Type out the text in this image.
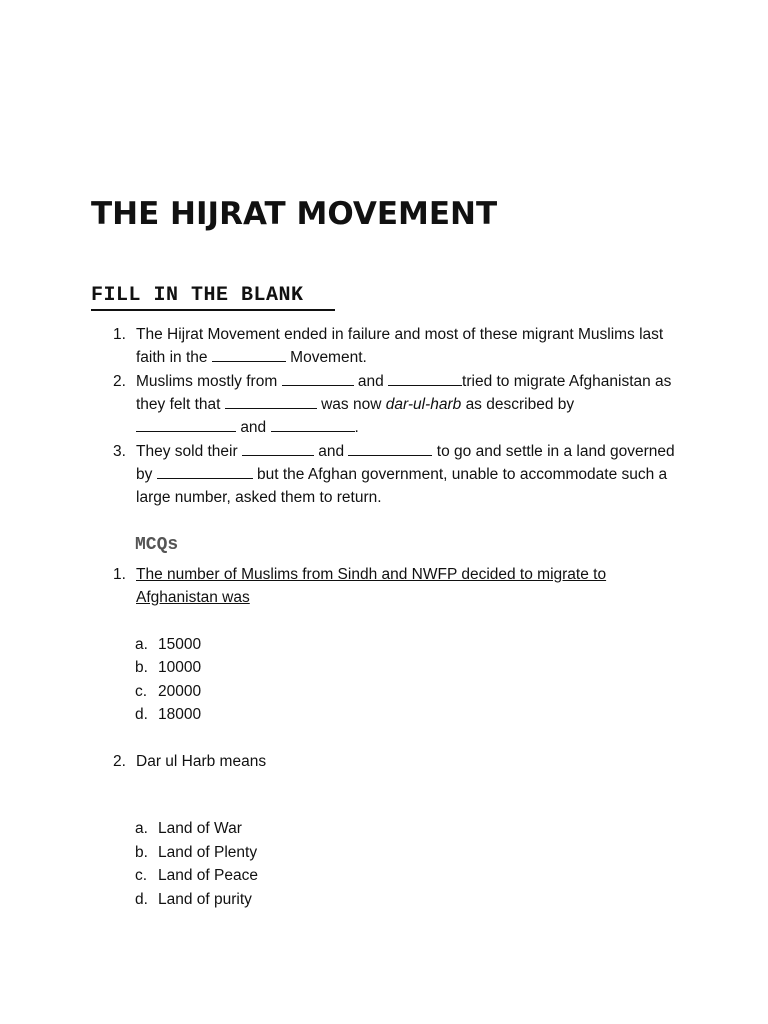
THE HIJRAT MOVEMENT
FILL IN THE BLANK
1. The Hijrat Movement ended in failure and most of these migrant Muslims last
faith in the	Movement.
2. Muslims mostly from	and	tried to migrate Afghanistan as
they felt that	was now dar-ul-harb as described by
and	.
3. They sold their	and	to go and settle in a land governed
by	but the Afghan government, unable to accommodate such a
large number, asked them to return.
MCQs
1. The number of Muslims from Sindh and NWFP decided to migrate to
Afghanistan was
a. 15000
b. 10000
c. 20000
d. 18000
2. Dar ul Harb means
a. Land of War
b. Land of Plenty
c. Land of Peace
d. Land of purity
